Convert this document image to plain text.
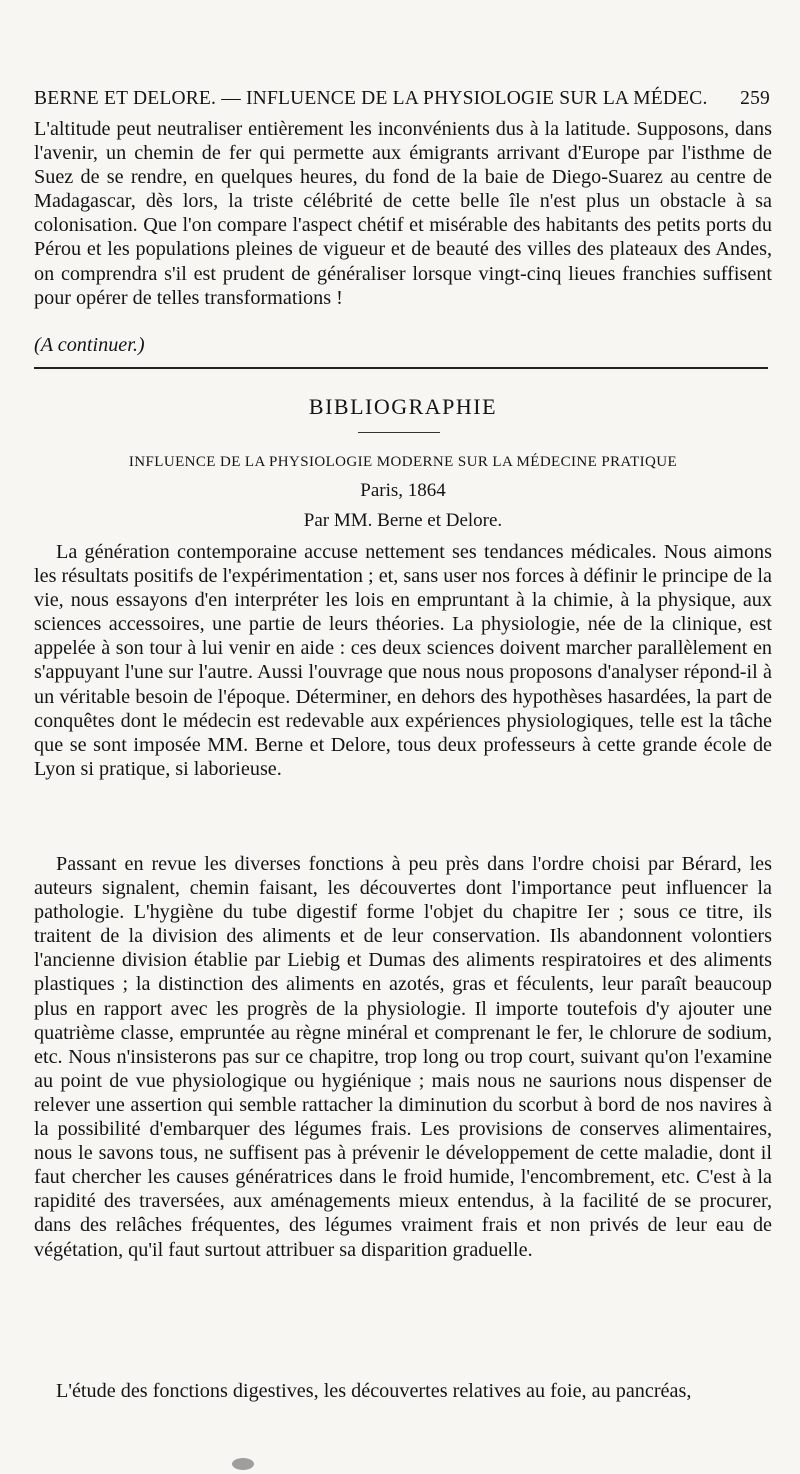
BERNE ET DELORE. — INFLUENCE DE LA PHYSIOLOGIE SUR LA MÉDEC. 259

L'altitude peut neutraliser entièrement les inconvénients dus à la latitude. Supposons, dans l'avenir, un chemin de fer qui permette aux émigrants arrivant d'Europe par l'isthme de Suez de se rendre, en quelques heures, du fond de la baie de Diego-Suarez au centre de Madagascar, dès lors, la triste célébrité de cette belle île n'est plus un obstacle à sa colonisation. Que l'on compare l'aspect chétif et misérable des habitants des petits ports du Pérou et les populations pleines de vigueur et de beauté des villes des plateaux des Andes, on comprendra s'il est prudent de généraliser lorsque vingt-cinq lieues franchies suffisent pour opérer de telles transformations !

(A continuer.)

BIBLIOGRAPHIE

INFLUENCE DE LA PHYSIOLOGIE MODERNE SUR LA MÉDECINE PRATIQUE

Paris, 1864

Par MM. Berne et Delore.

La génération contemporaine accuse nettement ses tendances médicales. Nous aimons les résultats positifs de l'expérimentation ; et, sans user nos forces à définir le principe de la vie, nous essayons d'en interpréter les lois en empruntant à la chimie, à la physique, aux sciences accessoires, une partie de leurs théories. La physiologie, née de la clinique, est appelée à son tour à lui venir en aide : ces deux sciences doivent marcher parallèlement en s'appuyant l'une sur l'autre. Aussi l'ouvrage que nous nous proposons d'analyser répond-il à un véritable besoin de l'époque. Déterminer, en dehors des hypothèses hasardées, la part de conquêtes dont le médecin est redevable aux expériences physiologiques, telle est la tâche que se sont imposée MM. Berne et Delore, tous deux professeurs à cette grande école de Lyon si pratique, si laborieuse.

Passant en revue les diverses fonctions à peu près dans l'ordre choisi par Bérard, les auteurs signalent, chemin faisant, les découvertes dont l'importance peut influencer la pathologie. L'hygiène du tube digestif forme l'objet du chapitre Ier ; sous ce titre, ils traitent de la division des aliments et de leur conservation. Ils abandonnent volontiers l'ancienne division établie par Liebig et Dumas des aliments respiratoires et des aliments plastiques ; la distinction des aliments en azotés, gras et féculents, leur paraît beaucoup plus en rapport avec les progrès de la physiologie. Il importe toutefois d'y ajouter une quatrième classe, empruntée au règne minéral et comprenant le fer, le chlorure de sodium, etc. Nous n'insisterons pas sur ce chapitre, trop long ou trop court, suivant qu'on l'examine au point de vue physiologique ou hygiénique ; mais nous ne saurions nous dispenser de relever une assertion qui semble rattacher la diminution du scorbut à bord de nos navires à la possibilité d'embarquer des légumes frais. Les provisions de conserves alimentaires, nous le savons tous, ne suffisent pas à prévenir le développement de cette maladie, dont il faut chercher les causes génératrices dans le froid humide, l'encombrement, etc. C'est à la rapidité des traversées, aux aménagements mieux entendus, à la facilité de se procurer, dans des relâches fréquentes, des légumes vraiment frais et non privés de leur eau de végétation, qu'il faut surtout attribuer sa disparition graduelle.

L'étude des fonctions digestives, les découvertes relatives au foie, au pancréas,
